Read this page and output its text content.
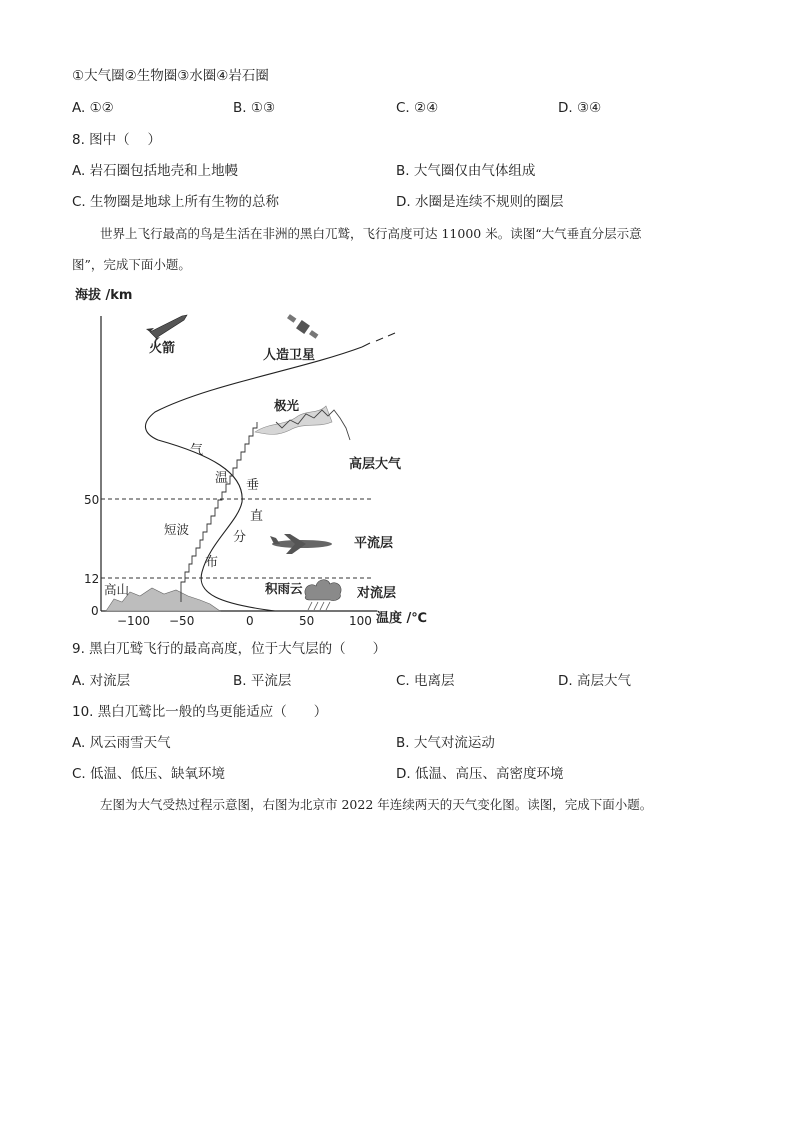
①大气圈②生物圈③水圈④岩石圈
A. ①②	B. ①③	C. ②④	D. ③④
8. 图中（　 ）
A. 岩石圈包括地壳和上地幔	B. 大气圈仅由气体组成
C. 生物圈是地球上所有生物的总称	D. 水圈是连续不规则的圈层
世界上飞行最高的鸟是生活在非洲的黑白兀鹫，飞行高度可达 11000 米。读图“大气垂直分层示意
图”，完成下面小题。
海拔 /km
温度 /℃
50
12
0
−100 −50	0	50	100
高山
短波
气
温 垂
直
分
布
火箭	人造卫星
极光
高层大气
平流层
积雨云	对流层
9. 黑白兀鹫飞行的最高高度，位于大气层的（　　）
A. 对流层	B. 平流层	C. 电离层	D. 高层大气
10. 黑白兀鹫比一般的鸟更能适应（　　）
A. 风云雨雪天气	B. 大气对流运动
C. 低温、低压、缺氧环境	D. 低温、高压、高密度环境
左图为大气受热过程示意图，右图为北京市 2022 年连续两天的天气变化图。读图，完成下面小题。
